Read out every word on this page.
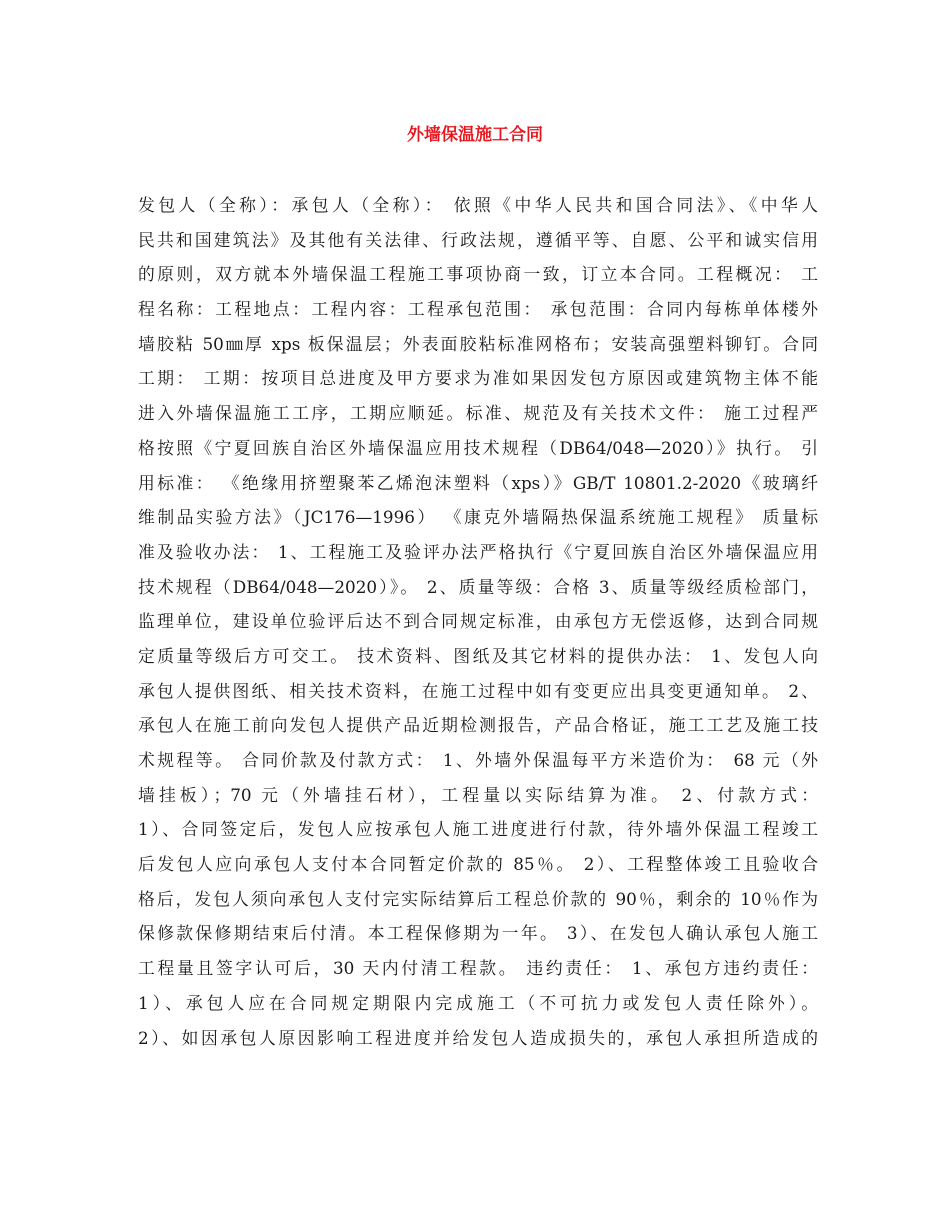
外墙保温施工合同
发包人（全称）：承包人（全称）： 依照《中华人民共和国合同法》、《中华人
民共和国建筑法》及其他有关法律、行政法规，遵循平等、自愿、公平和诚实信用
的原则，双方就本外墙保温工程施工事项协商一致，订立本合同。工程概况： 工
程名称：工程地点：工程内容：工程承包范围： 承包范围：合同内每栋单体楼外
墙胶粘 50㎜厚 xps 板保温层；外表面胶粘标准网格布；安装高强塑料铆钉。合同
工期： 工期：按项目总进度及甲方要求为准如果因发包方原因或建筑物主体不能
进入外墙保温施工工序，工期应顺延。标准、规范及有关技术文件： 施工过程严
格按照《宁夏回族自治区外墙保温应用技术规程（DB64/048—2020）》执行。 引
用标准： 《绝缘用挤塑聚苯乙烯泡沫塑料（xps）》GB/T 10801.2-2020《玻璃纤
维制品实验方法》（JC176—1996） 《康克外墙隔热保温系统施工规程》 质量标
准及验收办法： 1、工程施工及验评办法严格执行《宁夏回族自治区外墙保温应用
技术规程（DB64/048—2020）》。 2、质量等级：合格 3、质量等级经质检部门，
监理单位，建设单位验评后达不到合同规定标准，由承包方无偿返修，达到合同规
定质量等级后方可交工。 技术资料、图纸及其它材料的提供办法： 1、发包人向
承包人提供图纸、相关技术资料，在施工过程中如有变更应出具变更通知单。 2、
承包人在施工前向发包人提供产品近期检测报告，产品合格证，施工工艺及施工技
术规程等。 合同价款及付款方式： 1、外墙外保温每平方米造价为： 68 元（外
墙挂板）；70 元（外墙挂石材），工程量以实际结算为准。 2、付款方式：
1）、合同签定后，发包人应按承包人施工进度进行付款，待外墙外保温工程竣工
后发包人应向承包人支付本合同暂定价款的 85％。 2）、工程整体竣工且验收合
格后，发包人须向承包人支付完实际结算后工程总价款的 90％，剩余的 10％作为
保修款保修期结束后付清。本工程保修期为一年。 3）、在发包人确认承包人施工
工程量且签字认可后，30 天内付清工程款。 违约责任： 1、承包方违约责任：
1）、承包人应在合同规定期限内完成施工（不可抗力或发包人责任除外）。
2）、如因承包人原因影响工程进度并给发包人造成损失的，承包人承担所造成的
